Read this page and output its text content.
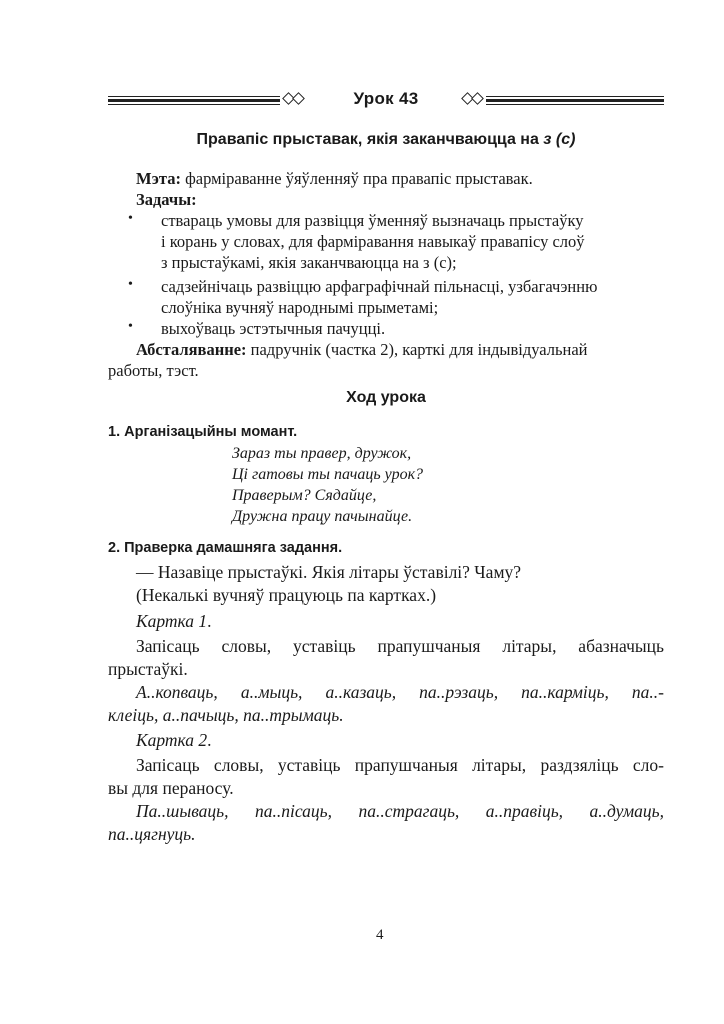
Урок 43
Правапіс прыставак, якія заканчваюцца на з (с)
Мэта: фарміраванне ўяўленняў пра правапіс прыставак.
Задачы:
• ствараць умовы для развіцця ўменняў вызначаць прыстаўку
і корань у словах, для фарміравання навыкаў правапісу слоў
з прыстаўкамі, якія заканчваюцца на з (с);
• садзейнічаць развіццю арфаграфічнай пільнасці, узбагачэнню
слоўніка вучняў народнымі прыметамі;
• выхоўваць эстэтычныя пачуцці.
Абсталяванне: падручнік (частка 2), карткі для індывідуальнай
работы, тэст.
Ход урока
1. Арганізацыйны момант.
Зараз ты правер, дружок,
Ці гатовы ты пачаць урок?
Праверым? Сядайце,
Дружна працу пачынайце.
2. Праверка дамашняга задання.
— Назавіце прыстаўкі. Якія літары ўставілі? Чаму?
(Некалькі вучняў працуюць па картках.)
Картка 1.
Запісаць словы, уставіць прапушчаныя літары, абазначыць
прыстаўкі.
А..копваць, а..мыць, а..казаць, па..рэзаць, па..карміць, па..-
клеіць, а..пачыць, па..трымаць.
Картка 2.
Запісаць словы, уставіць прапушчаныя літары, раздзяліць сло-
вы для пераносу.
Па..шываць, па..пісаць, па..страгаць, а..правіць, а..думаць,
па..цягнуць.
4
